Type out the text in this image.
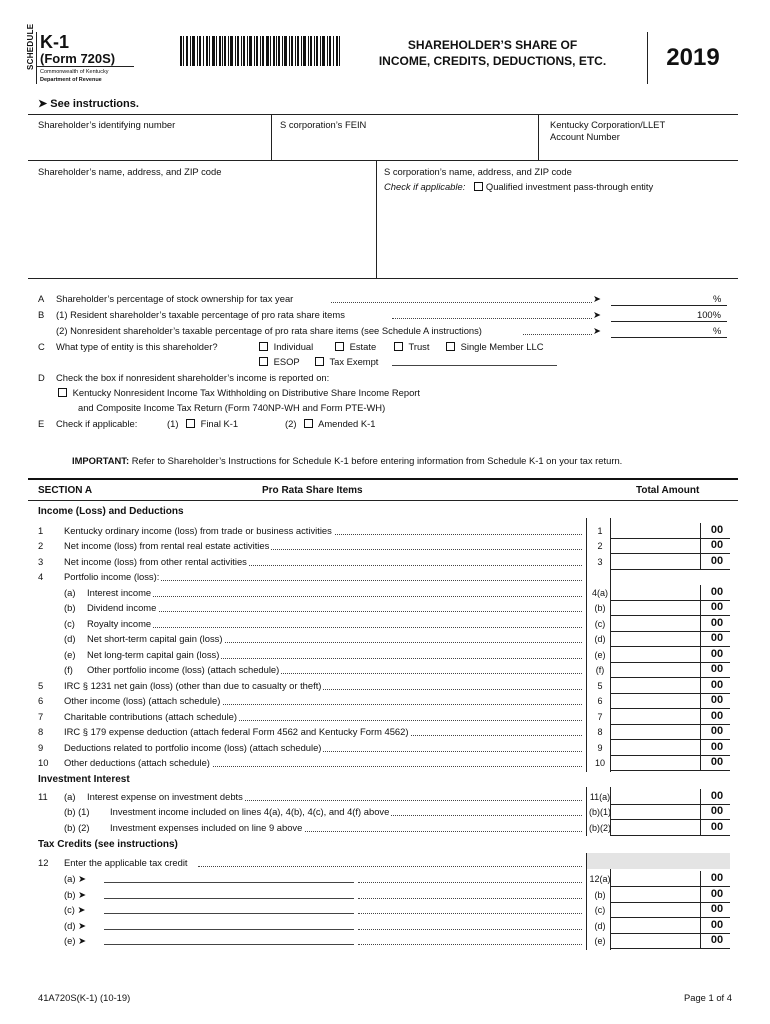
SCHEDULE K-1
(Form 720S)
Commonwealth of Kentucky
Department of Revenue
SHAREHOLDER’S SHARE OF
INCOME, CREDITS, DEDUCTIONS, ETC.	2019
➤ See instructions.
Shareholder’s identifying number	S corporation’s FEIN	Kentucky Corporation/LLET
Account Number
Shareholder’s name, address, and ZIP code	S corporation’s name, address, and ZIP code
Check if applicable: Qualified investment pass-through entity
A Shareholder’s percentage of stock ownership for tax year	➤	%
B (1) Resident shareholder’s taxable percentage of pro rata share items	➤	100%
(2) Nonresident shareholder’s taxable percentage of pro rata share items (see Schedule A instructions)	➤	%
C What type of entity is this shareholder?	Individual	Estate	Trust	Single Member LLC
ESOP	Tax Exempt
D Check the box if nonresident shareholder’s income is reported on:
Kentucky Nonresident Income Tax Withholding on Distributive Share Income Report
and Composite Income Tax Return (Form 740NP-WH and Form PTE-WH)
E Check if applicable:	(1)	Final K-1	(2)	Amended K-1
IMPORTANT: Refer to Shareholder’s Instructions for Schedule K-1 before entering information from Schedule K-1 on your tax return.
SECTION A	Pro Rata Share Items	Total Amount
Income (Loss) and Deductions
1 Kentucky ordinary income (loss) from trade or business activities	1	00
2 Net income (loss) from rental real estate activities	2	00
3 Net income (loss) from other rental activities	3	00
4 Portfolio income (loss):
(a) Interest income	4(a)	00
(b) Dividend income	(b)	00
(c) Royalty income	(c)	00
(d) Net short-term capital gain (loss)	(d)	00
(e) Net long-term capital gain (loss)	(e)	00
(f) Other portfolio income (loss) (attach schedule)	(f)	00
5 IRC § 1231 net gain (loss) (other than due to casualty or theft)	5	00
6 Other income (loss) (attach schedule)	6	00
7 Charitable contributions (attach schedule)	7	00
8 IRC § 179 expense deduction (attach federal Form 4562 and Kentucky Form 4562)	8	00
9 Deductions related to portfolio income (loss) (attach schedule)	9	00
10 Other deductions (attach schedule)	10	00
Investment Interest
11 (a) Interest expense on investment debts	11(a)	00
(b) (1) Investment income included on lines 4(a), 4(b), 4(c), and 4(f) above	(b)(1)	00
(b) (2) Investment expenses included on line 9 above	(b)(2)	00
Tax Credits (see instructions)
12 Enter the applicable tax credit
(a) ➤	12(a)	00
(b) ➤	(b)	00
(c) ➤	(c)	00
(d) ➤	(d)	00
(e) ➤	(e)	00
41A720S(K-1) (10-19)	Page 1 of 4
